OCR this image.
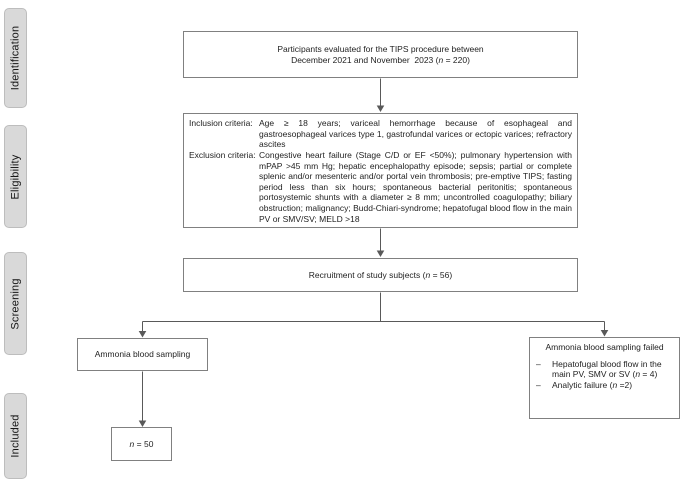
Identification
Eligibility
Screening
Included
Participants evaluated for the TIPS procedure between
December 2021 and November  2023 (n = 220)
Inclusion criteria: Age ≥ 18 years; variceal hemorrhage because of esophageal and gastroesophageal varices type 1, gastrofundal varices or ectopic varices; refractory ascites
Exclusion criteria: Congestive heart failure (Stage C/D or EF <50%); pulmonary hypertension with mPAP >45 mm Hg; hepatic encephalopathy episode; sepsis; partial or complete splenic and/or mesenteric and/or portal vein thrombosis; pre-emptive TIPS; fasting period less than six hours; spontaneous bacterial peritonitis; spontaneous portosystemic shunts with a diameter ≥ 8 mm; uncontrolled coagulopathy; biliary obstruction; malignancy; Budd-Chiari-syndrome; hepatofugal blood flow in the main PV or SMV/SV; MELD >18
Recruitment of study subjects (n = 56)
Ammonia blood sampling
Ammonia blood sampling failed
–	Hepatofugal blood flow in the main PV, SMV or SV (n = 4)
–	Analytic failure (n =2)
n = 50
